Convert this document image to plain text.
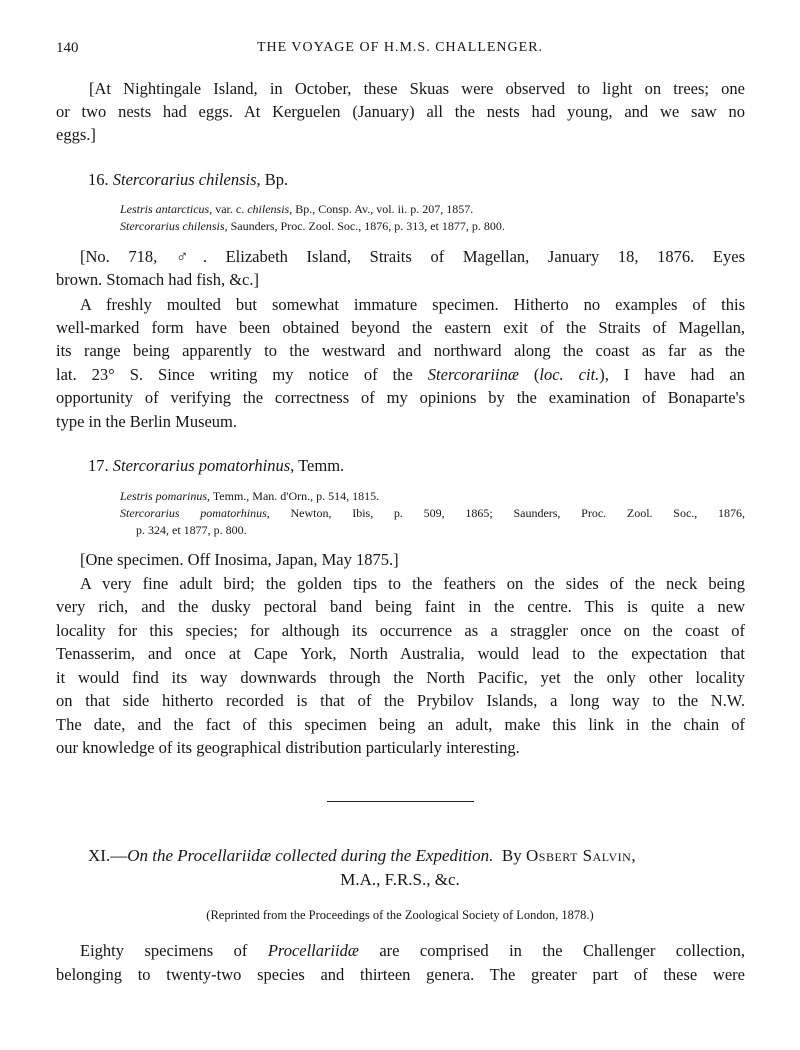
140	THE VOYAGE OF H.M.S. CHALLENGER.
[At Nightingale Island, in October, these Skuas were observed to light on trees; one
or two nests had eggs. At Kerguelen (January) all the nests had young, and we saw no
eggs.]
16. Stercorarius chilensis, Bp.
Lestris antarcticus, var. c. chilensis, Bp., Consp. Av., vol. ii. p. 207, 1857.
Stercorarius chilensis, Saunders, Proc. Zool. Soc., 1876, p. 313, et 1877, p. 800.
[No. 718, ♂. Elizabeth Island, Straits of Magellan, January 18, 1876. Eyes
brown. Stomach had fish, &c.]
A freshly moulted but somewhat immature specimen. Hitherto no examples of this
well-marked form have been obtained beyond the eastern exit of the Straits of Magellan,
its range being apparently to the westward and northward along the coast as far as the
lat. 23° S. Since writing my notice of the Stercorariinæ (loc. cit.), I have had an
opportunity of verifying the correctness of my opinions by the examination of Bonaparte's
type in the Berlin Museum.
17. Stercorarius pomatorhinus, Temm.
Lestris pomarinus, Temm., Man. d'Orn., p. 514, 1815.
Stercorarius pomatorhinus, Newton, Ibis, p. 509, 1865; Saunders, Proc. Zool. Soc., 1876,
p. 324, et 1877, p. 800.
[One specimen. Off Inosima, Japan, May 1875.]
A very fine adult bird; the golden tips to the feathers on the sides of the neck being
very rich, and the dusky pectoral band being faint in the centre. This is quite a new
locality for this species; for although its occurrence as a straggler once on the coast of
Tenasserim, and once at Cape York, North Australia, would lead to the expectation that
it would find its way downwards through the North Pacific, yet the only other locality
on that side hitherto recorded is that of the Prybilov Islands, a long way to the N.W.
The date, and the fact of this specimen being an adult, make this link in the chain of
our knowledge of its geographical distribution particularly interesting.
XI.—On the Procellariidæ collected during the Expedition. By Osbert Salvin,
M.A., F.R.S., &c.
(Reprinted from the Proceedings of the Zoological Society of London, 1878.)
Eighty specimens of Procellariidæ are comprised in the Challenger collection,
belonging to twenty-two species and thirteen genera. The greater part of these were
